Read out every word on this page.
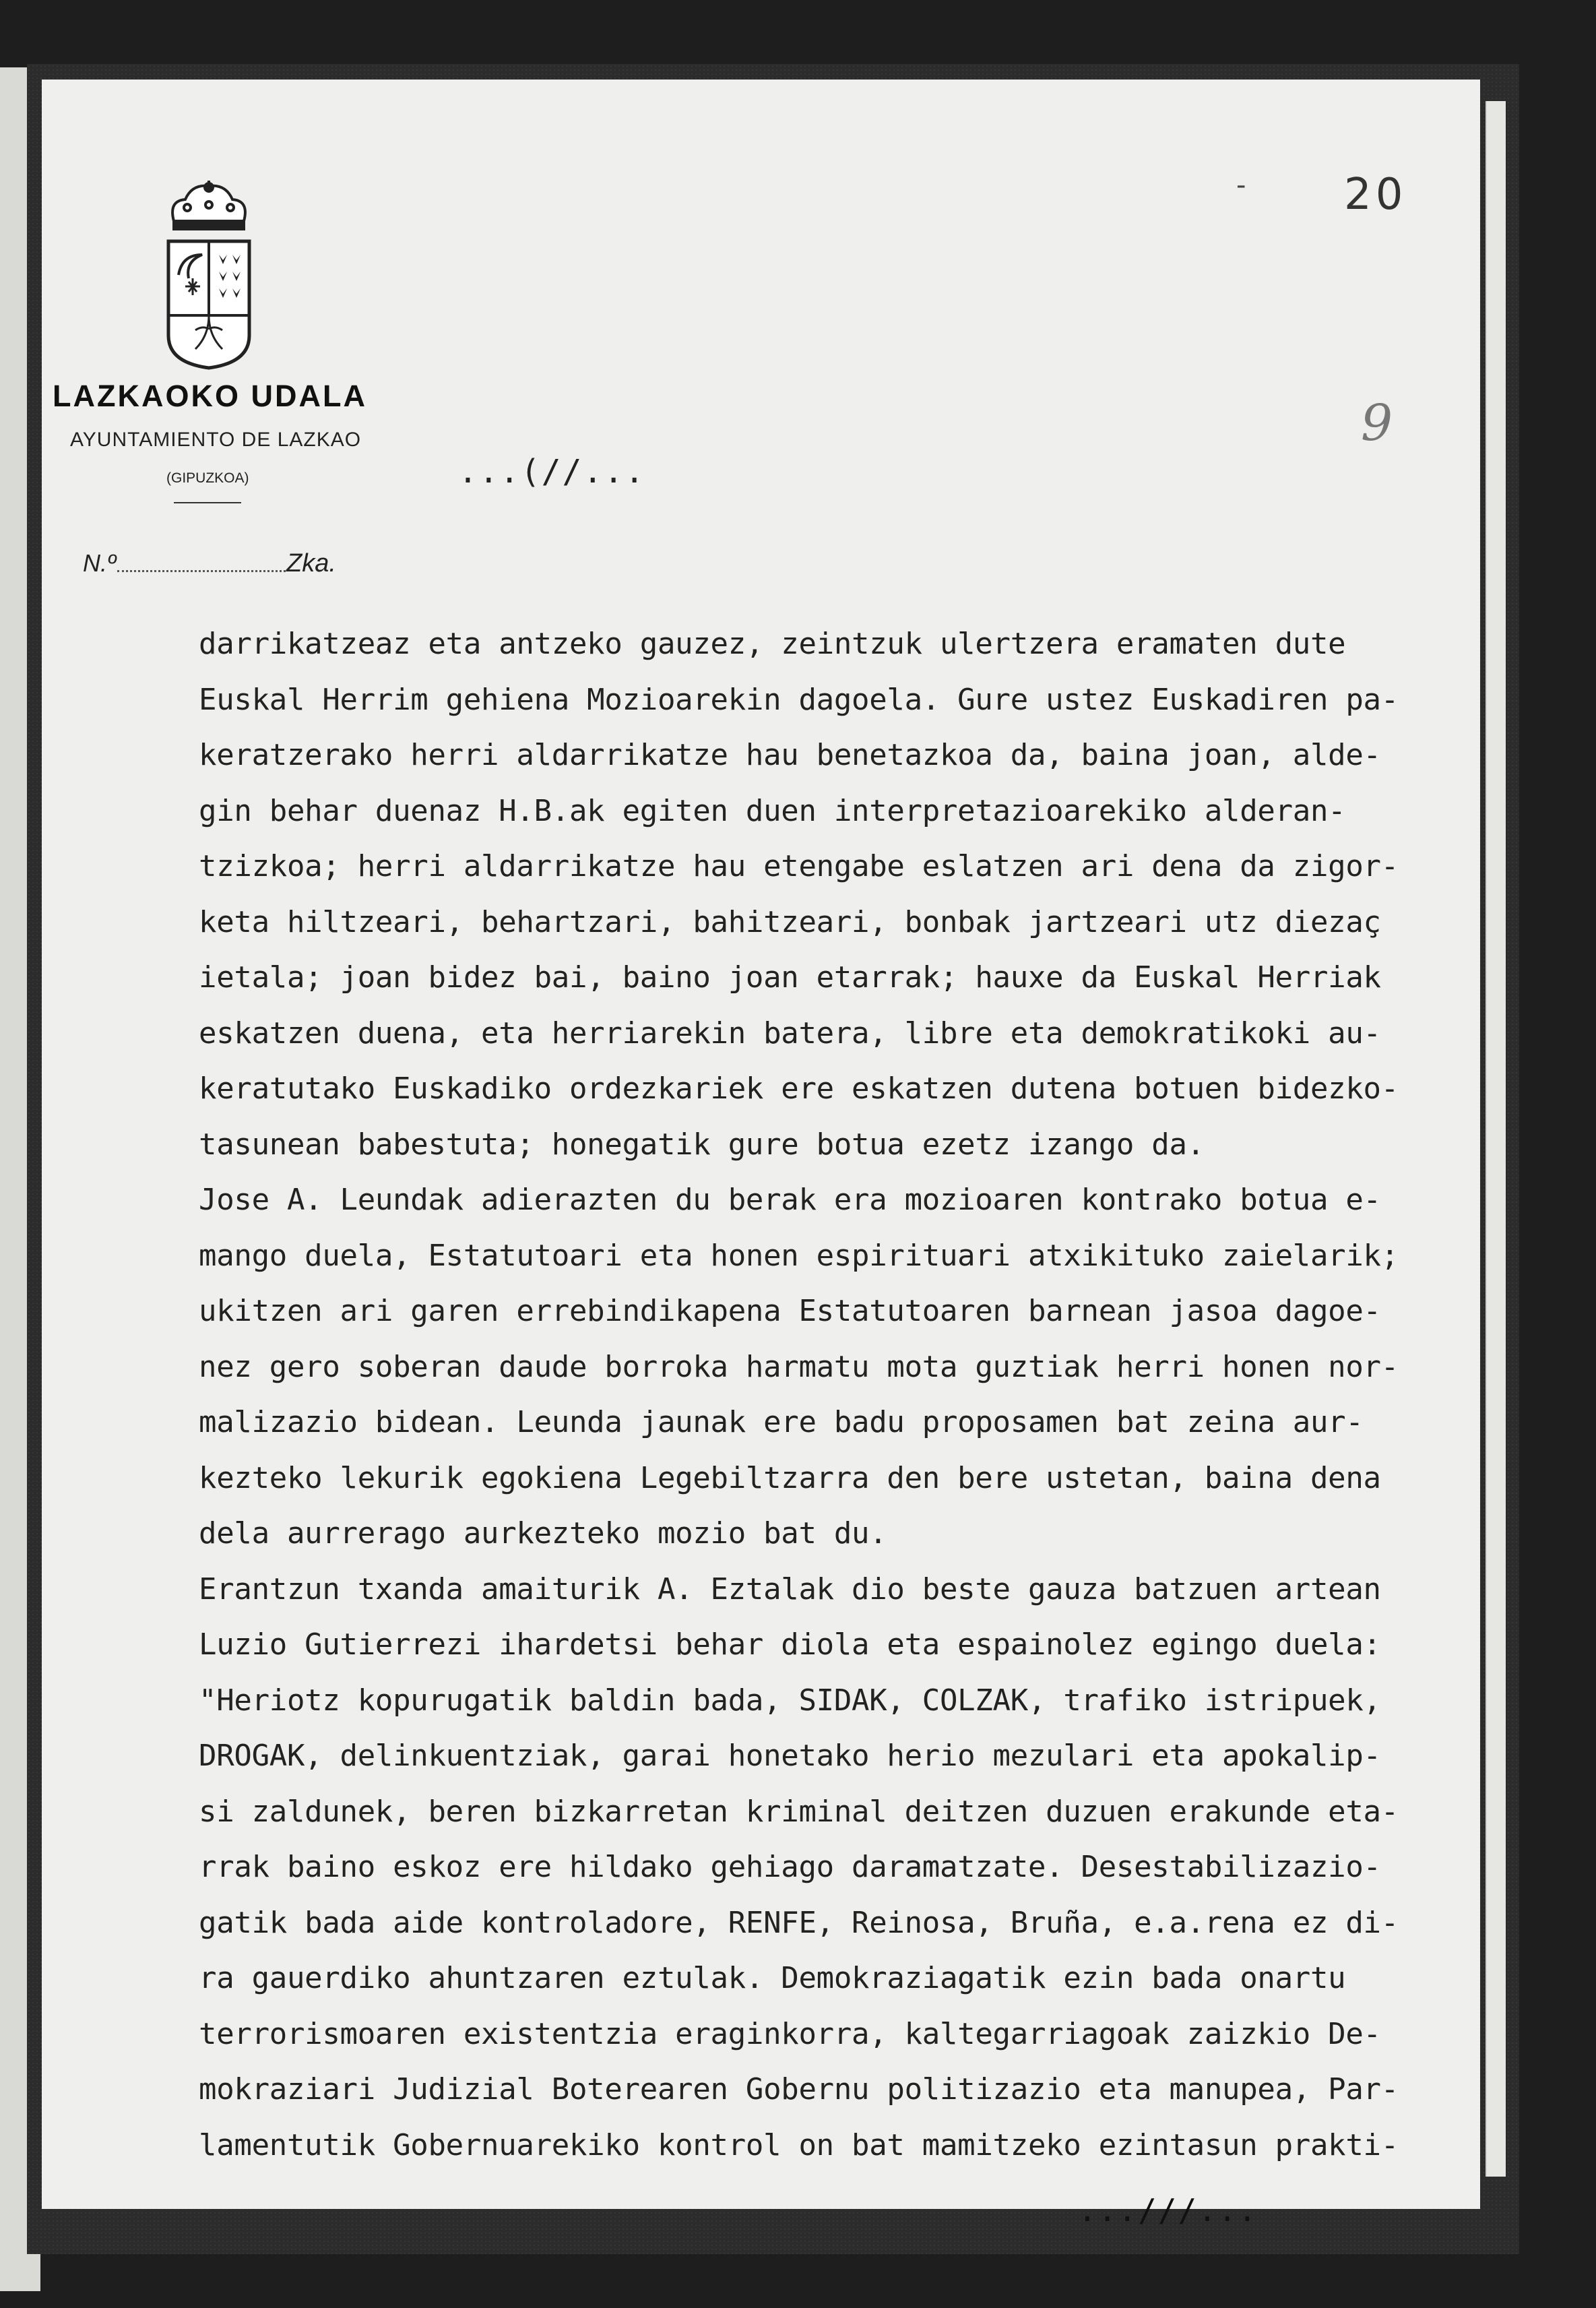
- 20
9
LAZKAOKO UDALA
AYUNTAMIENTO DE LAZKAO
(GIPUZKOA)	...(//...
N.º	Zka.
darrikatzeaz eta antzeko gauzez, zeintzuk ulertzera eramaten dute
Euskal Herrim gehiena Mozioarekin dagoela. Gure ustez Euskadiren pa-
keratzerako herri aldarrikatze hau benetazkoa da, baina joan, alde-
gin behar duenaz H.B.ak egiten duen interpretazioarekiko alderan-
tzizkoa; herri aldarrikatze hau etengabe eslatzen ari dena da zigor-
keta hiltzeari, behartzari, bahitzeari, bonbak jartzeari utz diezaç
ietala; joan bidez bai, baino joan etarrak; hauxe da Euskal Herriak
eskatzen duena, eta herriarekin batera, libre eta demokratikoki au-
keratutako Euskadiko ordezkariek ere eskatzen dutena botuen bidezko-
tasunean babestuta; honegatik gure botua ezetz izango da.
Jose A. Leundak adierazten du berak era mozioaren kontrako botua e-
mango duela, Estatutoari eta honen espirituari atxikituko zaielarik;
ukitzen ari garen errebindikapena Estatutoaren barnean jasoa dagoe-
nez gero soberan daude borroka harmatu mota guztiak herri honen nor-
malizazio bidean. Leunda jaunak ere badu proposamen bat zeina aur-
kezteko lekurik egokiena Legebiltzarra den bere ustetan, baina dena
dela aurrerago aurkezteko mozio bat du.
Erantzun txanda amaiturik A. Eztalak dio beste gauza batzuen artean
Luzio Gutierrezi ihardetsi behar diola eta espainolez egingo duela:
"Heriotz kopurugatik baldin bada, SIDAK, COLZAK, trafiko istripuek,
DROGAK, delinkuentziak, garai honetako herio mezulari eta apokalip-
si zaldunek, beren bizkarretan kriminal deitzen duzuen erakunde eta-
rrak baino eskoz ere hildako gehiago daramatzate. Desestabilizazio-
gatik bada aide kontroladore, RENFE, Reinosa, Bruña, e.a.rena ez di-
ra gauerdiko ahuntzaren eztulak. Demokraziagatik ezin bada onartu
terrorismoaren existentzia eraginkorra, kaltegarriagoak zaizkio De-
mokraziari Judizial Boterearen Gobernu politizazio eta manupea, Par-
lamentutik Gobernuarekiko kontrol on bat mamitzeko ezintasun prakti-
...///...
